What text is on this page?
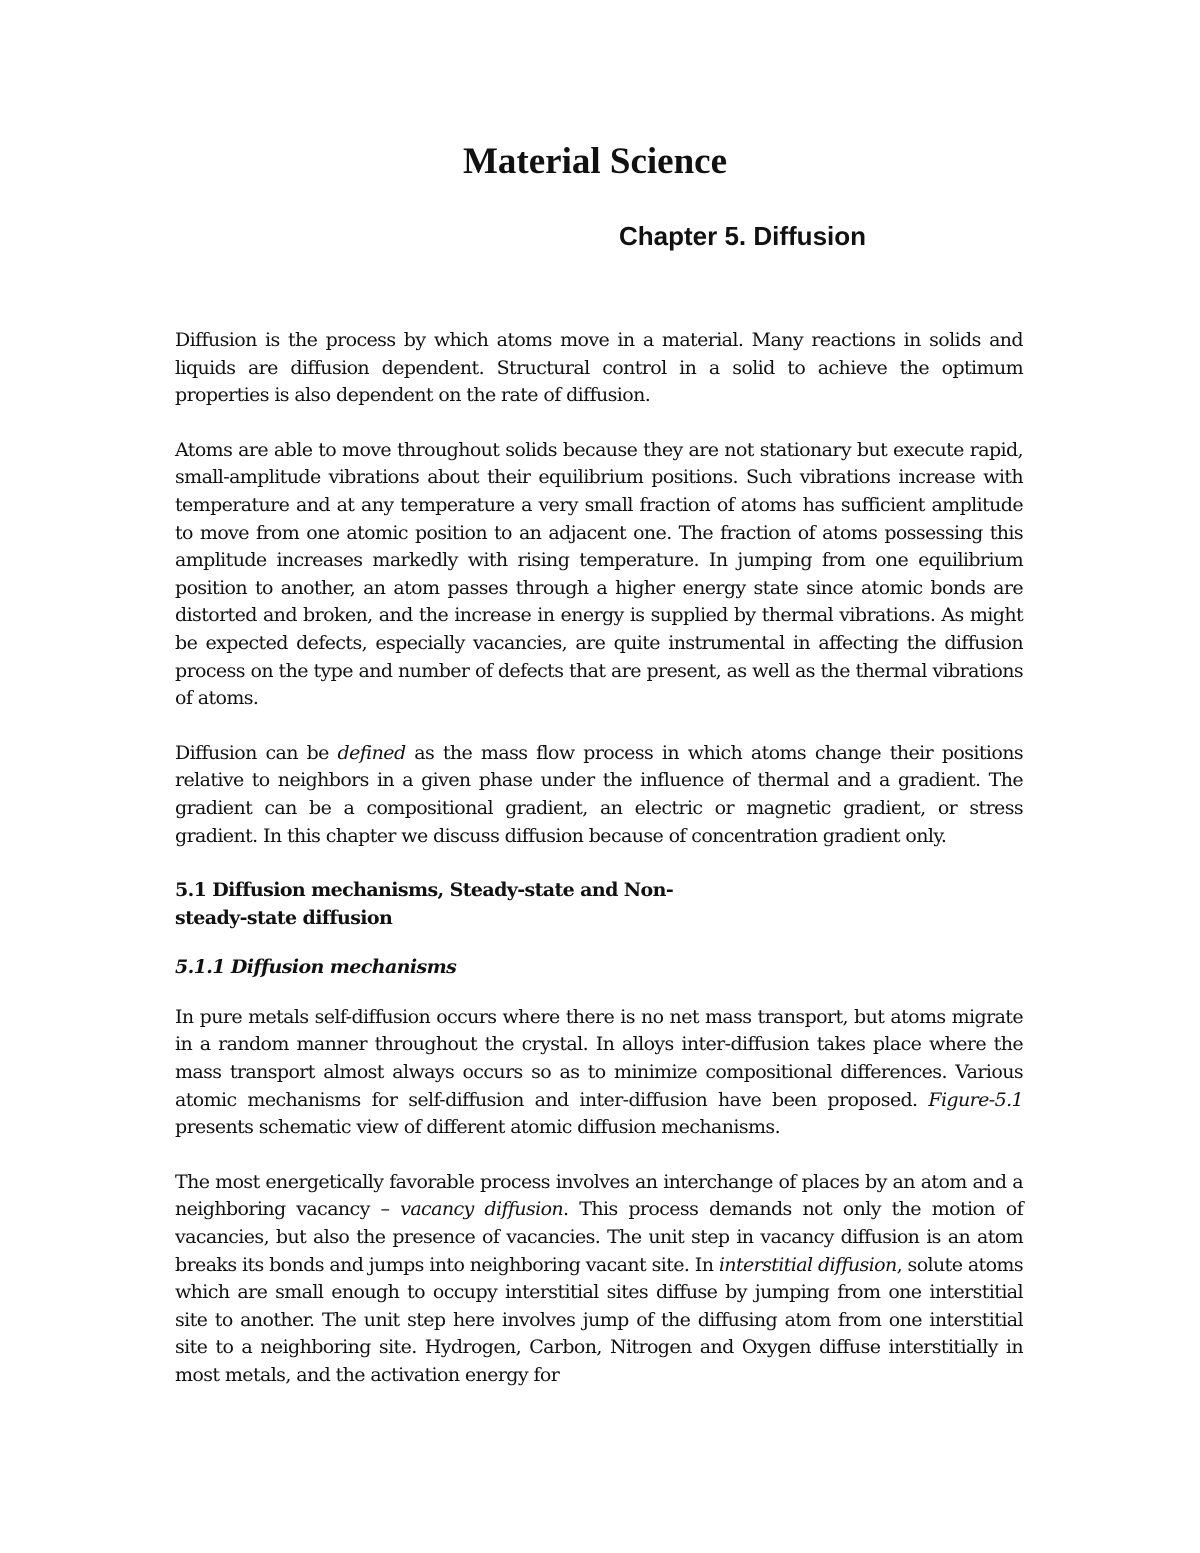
Material Science
Chapter 5. Diffusion

Diffusion is the process by which atoms move in a material. Many reactions in solids and liquids are diffusion dependent. Structural control in a solid to achieve the optimum properties is also dependent on the rate of diffusion.

Atoms are able to move throughout solids because they are not stationary but execute rapid, small-amplitude vibrations about their equilibrium positions. Such vibrations increase with temperature and at any temperature a very small fraction of atoms has sufficient amplitude to move from one atomic position to an adjacent one. The fraction of atoms possessing this amplitude increases markedly with rising temperature. In jumping from one equilibrium position to another, an atom passes through a higher energy state since atomic bonds are distorted and broken, and the increase in energy is supplied by thermal vibrations. As might be expected defects, especially vacancies, are quite instrumental in affecting the diffusion process on the type and number of defects that are present, as well as the thermal vibrations of atoms.

Diffusion can be defined as the mass flow process in which atoms change their positions relative to neighbors in a given phase under the influence of thermal and a gradient. The gradient can be a compositional gradient, an electric or magnetic gradient, or stress gradient. In this chapter we discuss diffusion because of concentration gradient only.

5.1 Diffusion mechanisms, Steady-state and Non-steady-state diffusion
5.1.1 Diffusion mechanisms

In pure metals self-diffusion occurs where there is no net mass transport, but atoms migrate in a random manner throughout the crystal. In alloys inter-diffusion takes place where the mass transport almost always occurs so as to minimize compositional differences. Various atomic mechanisms for self-diffusion and inter-diffusion have been proposed. Figure-5.1 presents schematic view of different atomic diffusion mechanisms.

The most energetically favorable process involves an interchange of places by an atom and a neighboring vacancy – vacancy diffusion. This process demands not only the motion of vacancies, but also the presence of vacancies. The unit step in vacancy diffusion is an atom breaks its bonds and jumps into neighboring vacant site. In interstitial diffusion, solute atoms which are small enough to occupy interstitial sites diffuse by jumping from one interstitial site to another. The unit step here involves jump of the diffusing atom from one interstitial site to a neighboring site. Hydrogen, Carbon, Nitrogen and Oxygen diffuse interstitially in most metals, and the activation energy for
